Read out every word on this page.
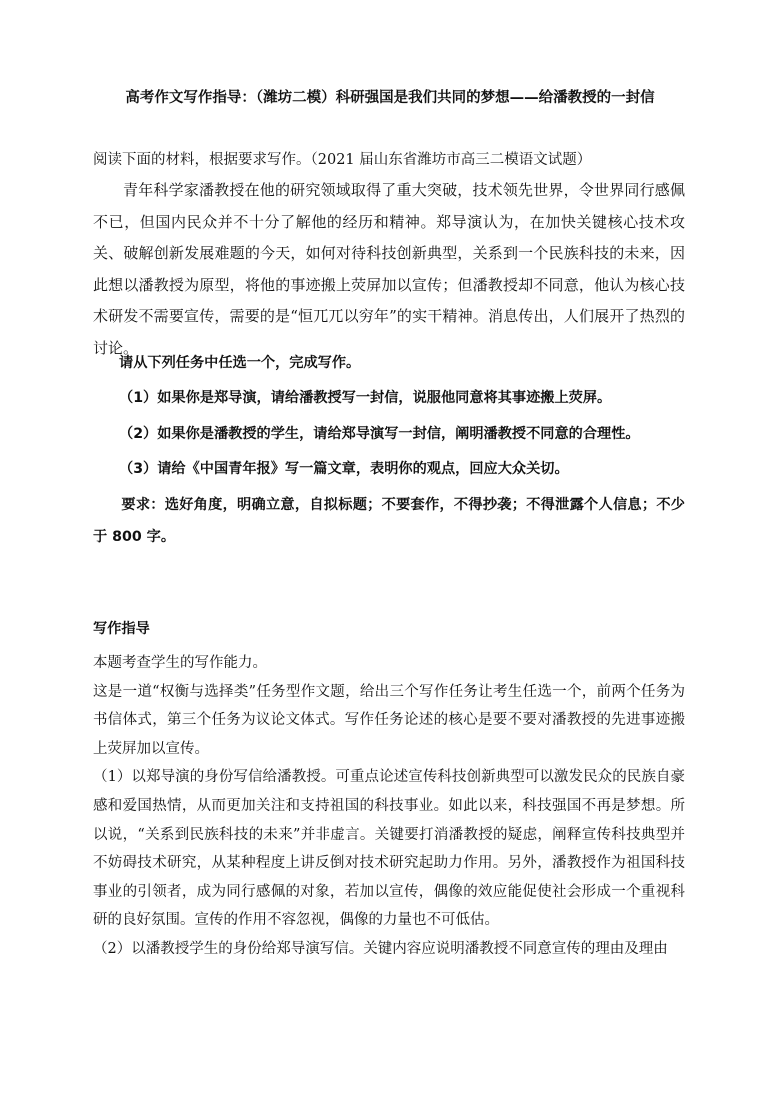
高考作文写作指导：（潍坊二模）科研强国是我们共同的梦想——给潘教授的一封信

阅读下面的材料，根据要求写作。（2021 届山东省潍坊市高三二模语文试题）

青年科学家潘教授在他的研究领域取得了重大突破，技术领先世界，令世界同行感佩不已，但国内民众并不十分了解他的经历和精神。郑导演认为，在加快关键核心技术攻关、破解创新发展难题的今天，如何对待科技创新典型，关系到一个民族科技的未来，因此想以潘教授为原型，将他的事迹搬上荧屏加以宣传；但潘教授却不同意，他认为核心技术研发不需要宣传，需要的是“恒兀兀以穷年”的实干精神。消息传出，人们展开了热烈的讨论。

请从下列任务中任选一个，完成写作。

（1）如果你是郑导演，请给潘教授写一封信，说服他同意将其事迹搬上荧屏。

（2）如果你是潘教授的学生，请给郑导演写一封信，阐明潘教授不同意的合理性。

（3）请给《中国青年报》写一篇文章，表明你的观点，回应大众关切。

要求：选好角度，明确立意，自拟标题；不要套作，不得抄袭；不得泄露个人信息；不少于 800 字。

写作指导

本题考查学生的写作能力。

这是一道“权衡与选择类”任务型作文题，给出三个写作任务让考生任选一个，前两个任务为书信体式，第三个任务为议论文体式。写作任务论述的核心是要不要对潘教授的先进事迹搬上荧屏加以宣传。

（1）以郑导演的身份写信给潘教授。可重点论述宣传科技创新典型可以激发民众的民族自豪感和爱国热情，从而更加关注和支持祖国的科技事业。如此以来，科技强国不再是梦想。所以说，“关系到民族科技的未来”并非虚言。关键要打消潘教授的疑虑，阐释宣传科技典型并不妨碍技术研究，从某种程度上讲反倒对技术研究起助力作用。另外，潘教授作为祖国科技事业的引领者，成为同行感佩的对象，若加以宣传，偶像的效应能促使社会形成一个重视科研的良好氛围。宣传的作用不容忽视，偶像的力量也不可低估。

（2）以潘教授学生的身份给郑导演写信。关键内容应说明潘教授不同意宣传的理由及理由
